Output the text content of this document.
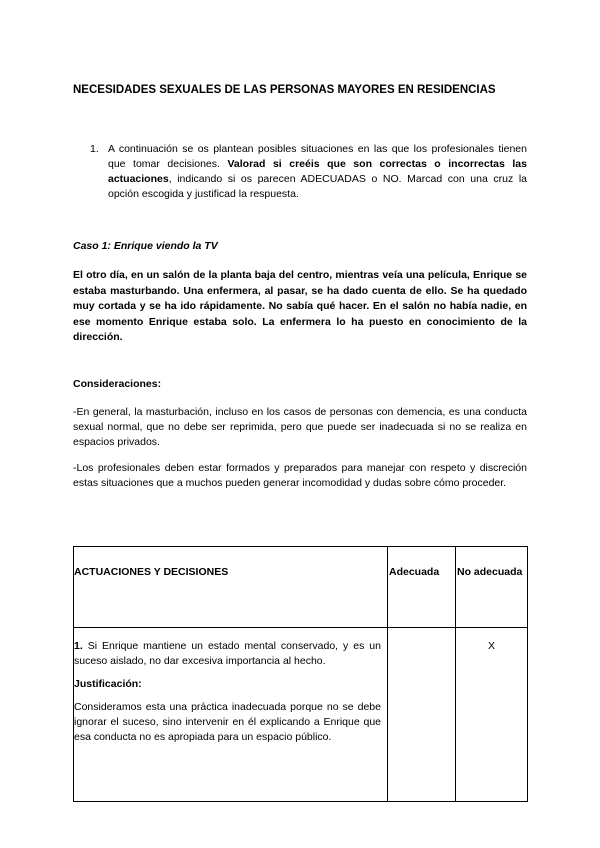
NECESIDADES SEXUALES DE LAS PERSONAS MAYORES EN RESIDENCIAS
1. A continuación se os plantean posibles situaciones en las que los profesionales tienen que tomar decisiones. Valorad si creéis que son correctas o incorrectas las actuaciones, indicando si os parecen ADECUADAS o NO. Marcad con una cruz la opción escogida y justificad la respuesta.
Caso 1: Enrique viendo la TV
El otro día, en un salón de la planta baja del centro, mientras veía una película, Enrique se estaba masturbando. Una enfermera, al pasar, se ha dado cuenta de ello. Se ha quedado muy cortada y se ha ido rápidamente. No sabía qué hacer. En el salón no había nadie, en ese momento Enrique estaba solo. La enfermera lo ha puesto en conocimiento de la dirección.
Consideraciones:
-En general, la masturbación, incluso en los casos de personas con demencia, es una conducta sexual normal, que no debe ser reprimida, pero que puede ser inadecuada si no se realiza en espacios privados.
-Los profesionales deben estar formados y preparados para manejar con respeto y discreción estas situaciones que a muchos pueden generar incomodidad y dudas sobre cómo proceder.
ACTUACIONES Y DECISIONES	Adecuada	No adecuada

1. Si Enrique mantiene un estado mental conservado, y es un suceso aislado, no dar excesiva importancia al hecho.
Justificación:
Consideramos esta una práctica inadecuada porque no se debe ignorar el suceso, sino intervenir en él explicando a Enrique que esa conducta no es apropiada para un espacio público.		X
